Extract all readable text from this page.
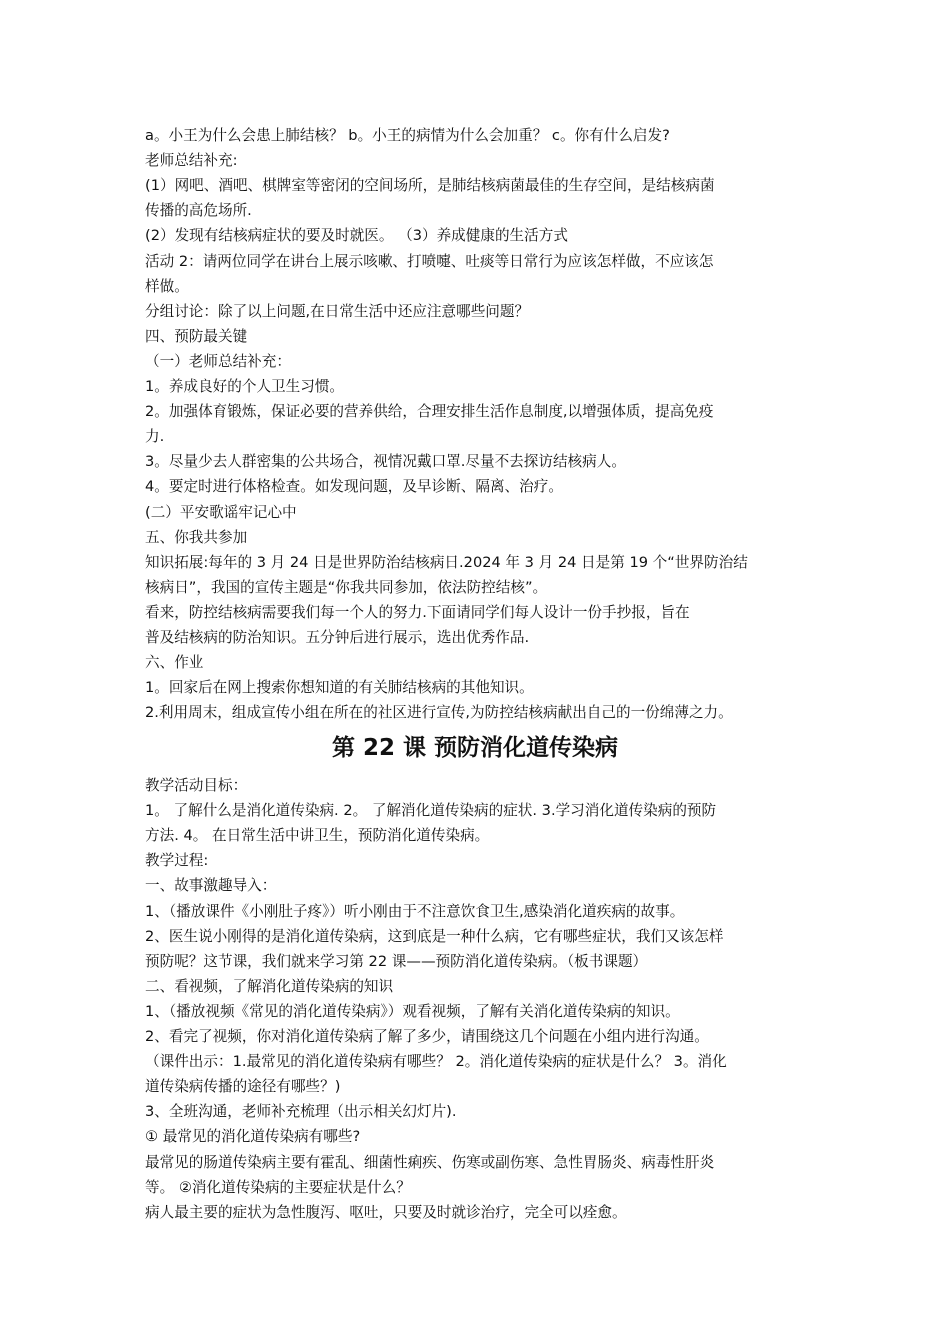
a。小王为什么会患上肺结核？ b。小王的病情为什么会加重？ c。你有什么启发?
老师总结补充:
(1）网吧、酒吧、棋牌室等密闭的空间场所，是肺结核病菌最佳的生存空间，是结核病菌
传播的高危场所.
(2）发现有结核病症状的要及时就医。 （3）养成健康的生活方式
活动 2：请两位同学在讲台上展示咳嗽、打喷嚏、吐痰等日常行为应该怎样做，不应该怎
样做。
分组讨论：除了以上问题,在日常生活中还应注意哪些问题？
四、预防最关键
（一）老师总结补充：
1。养成良好的个人卫生习惯。
2。加强体育锻炼，保证必要的营养供给，合理安排生活作息制度,以增强体质，提高免疫
力.
3。尽量少去人群密集的公共场合，视情况戴口罩.尽量不去探访结核病人。
4。要定时进行体格检查。如发现问题，及早诊断、隔离、治疗。
(二）平安歌谣牢记心中
五、你我共参加
知识拓展:每年的 3 月 24 日是世界防治结核病日.2024 年 3 月 24 日是第 19 个“世界防治结
核病日”，我国的宣传主题是“你我共同参加，依法防控结核”。
看来，防控结核病需要我们每一个人的努力.下面请同学们每人设计一份手抄报，旨在
普及结核病的防治知识。五分钟后进行展示，选出优秀作品.
六、作业
1。回家后在网上搜索你想知道的有关肺结核病的其他知识。
2.利用周末，组成宣传小组在所在的社区进行宣传,为防控结核病献出自己的一份绵薄之力。
第 22 课 预防消化道传染病
教学活动目标：
1。 了解什么是消化道传染病. 2。 了解消化道传染病的症状. 3.学习消化道传染病的预防
方法. 4。 在日常生活中讲卫生，预防消化道传染病。
教学过程:
一、故事激趣导入：
1、（播放课件《小刚肚子疼》）听小刚由于不注意饮食卫生,感染消化道疾病的故事。
2、医生说小刚得的是消化道传染病，这到底是一种什么病，它有哪些症状，我们又该怎样
预防呢？这节课，我们就来学习第 22 课——预防消化道传染病。（板书课题）
二、看视频，了解消化道传染病的知识
1、（播放视频《常见的消化道传染病》）观看视频，了解有关消化道传染病的知识。
2、看完了视频，你对消化道传染病了解了多少，请围绕这几个问题在小组内进行沟通。
（课件出示：1.最常见的消化道传染病有哪些？ 2。消化道传染病的症状是什么？ 3。消化
道传染病传播的途径有哪些？)
3、全班沟通，老师补充梳理（出示相关幻灯片).
① 最常见的消化道传染病有哪些?
最常见的肠道传染病主要有霍乱、细菌性痢疾、伤寒或副伤寒、急性胃肠炎、病毒性肝炎
等。 ②消化道传染病的主要症状是什么？
病人最主要的症状为急性腹泻、呕吐，只要及时就诊治疗，完全可以痊愈。
